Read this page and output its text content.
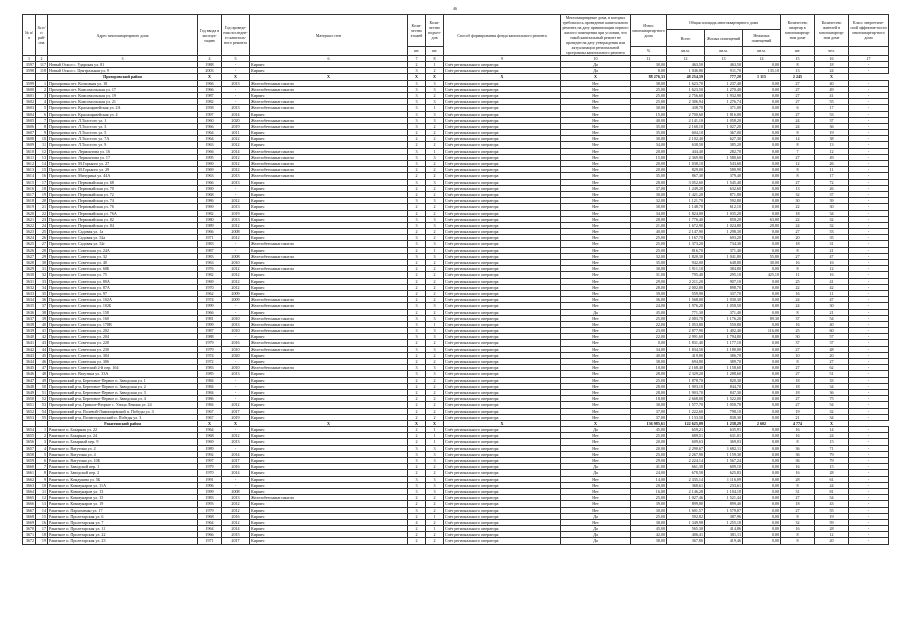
46
№ п/п	№ п/п рай-она	Адрес многоквартирного дома	Год ввода в эксплуа-тацию	Год проведе-ния последне-го капиталь-ного ремонта	Материал стен	Коли-чество этажей	Коли-чество подъез-дов	Способ формирования фонда капитального ремонта	Многоквартирные дома, в которых требовалось проведение капитального ремонта на дату приватизации первого жилого помещения при условии, что такой капитальный ремонт не проведен на дату утверждения или актуализации региональной программы капитального ремонта	Износ многоквартир-ного дома	Общая площадь многоквартирного дома			Количество квартир в многоквартир-ном доме	Количество жителей в многоквартир-ном доме	Класс энергетиче-ской эффектив-ности многоквартир-ного дома
											Всего	Жилых помещений	Нежилых помещений			
						шт.	шт.			%	кв.м.	кв.м.	кв.м.	шт.	чел.	
1	2	3	4	5	6	7	8	9	10	11	12	13	14	15	16	17
3597	117	Новый Оскол с. Ударская ул. 81	1988	-	Кирпич	2	1	Счёт регионального оператора	Да	30,00	463,50	463,50	0,00	8	18	-
3598	118	Новый Оскол с. Центральная ул. 9	2003	-	Кирпич	3	2	Счёт регионального оператора	Да	8,00	1 046,80	911,70	135,10	13	24	-
		Прохоровский район	X	X	X	X	X	X	X	88 276,33	48 254,59	777,20	1 115	2 245	X	
3599	1	Прохоровка пгт. Колхозная ул. 18	1966	2013	Железобетонные панели	3	3	Счёт регионального оператора	Нет	38,00	1 623,70	1 237,40	0,00	27	40	-
3600	2	Прохоровка пгт. Комсомольская ул. 17	1966	-	Железобетонные панели	3	3	Счёт регионального оператора	Нет	25,00	1 623,50	1 270,40	0,00	27	49	-
3601	3	Прохоровка пгт. Комсомольская ул. 19	1987	-	Кирпич	3	2	Счёт регионального оператора	Нет	25,00	2 756,60	1 932,90	0,00	27	41	-
3602	4	Прохоровка пгт. Комсомольская ул. 21	1982	-	Железобетонные панели	3	3	Счёт регионального оператора	Нет	25,00	2 306,94	1 276,74	0,00	27	55	-
3603	5	Прохоровка пгт. Красноармейская ул. 2А	1958	2013	Железобетонные панели	3	1	Счёт регионального оператора	Нет	30,00	438,70	371,00	0,00	6	17	-
3604	6	Прохоровка пгт. Красноармейская ул. 4	1997	2014	Кирпич	3	3	Счёт регионального оператора	Нет	15,00	2 700,60	1 816,00	0,00	27	53	-
3605	7	Прохоровка пгт. Л.Толстого ул. 1	1960	2020	Железобетонные панели	3	3	Счёт регионального оператора	Нет	40,00	2 141,10	1 058,20	0,00	24	37	-
3606	8	Прохоровка пгт. Л.Толстого ул. 3	1966	2019	Железобетонные панели	3	2	Счёт регионального оператора	Нет	35,00	2 160,10	1 027,20	0,00	24	36	-
3607	9	Прохоровка пгт. Л.Толстого ул. 5	1964	2011	Кирпич	2	2	Счёт регионального оператора	Нет	35,00	604,10	367,00	0,00	8	19	-
3608	10	Прохоровка пгт. Л.Толстого ул. 7А	1964	2012	Кирпич	2	2	Счёт регионального оператора	Нет	30,00	2 102,40	627,30	0,00	14	38	-
3609	11	Прохоровка пгт. Л.Толстого ул. 9	1963	2012	Кирпич	2	2	Счёт регионального оператора	Нет	34,00	638,50	385,20	0,00	8	13	-
3610	12	Прохоровка пгт. Лермонтова ул. 16	1966	2014	Железобетонные панели	3	1	Счёт регионального оператора	Нет	20,00	444,40	282,70	0,00	7	12	-
3611	13	Прохоровка пгт. Лермонтова ул. 17	1995	2012	Железобетонные панели	3	3	Счёт регионального оператора	Нет	15,00	2 369,90	1 580,60	0,00	27	49	-
3612	14	Прохоровка пгт. М.Горького ул. 27	1969	2012	Железобетонные панели	3	2	Счёт регионального оператора	Нет	20,00	1 038,10	543,60	0,00	12	26	-
3613	15	Прохоровка пгт. М.Горького ул. 29	1969	2012	Железобетонные панели	2	2	Счёт регионального оператора	Нет	20,00	829,00	580,90	0,00	8	11	-
3614	16	Прохоровка пгт. Мичурина ул. 44А	1963	2013	Железобетонные панели	2	2	Счёт регионального оператора	Нет	35,00	867,30	379,40	0,00	8	17	-
3615	17	Прохоровка пгт. Первомайская ул. 68	1966	2013	Кирпич	3	3	Счёт регионального оператора	Нет	28,00	3 052,60	1 545,40	0,00	27	72	-
3616	18	Прохоровка пгт. Первомайская ул. 70	1969	-	Кирпич	2	2	Счёт регионального оператора	Нет	37,00	1 249,20	632,60	0,00	13	26	-
3617	19	Прохоровка пгт. Первомайская ул. 72	1968	-	Кирпич	2	2	Счёт регионального оператора	Нет	30,00	1 421,20	871,80	0,00	32	37	-
3618	20	Прохоровка пгт. Первомайская ул. 74	1986	2012	Кирпич	3	3	Счёт регионального оператора	Нет	32,00	1 121,70	592,80	0,00	30	39	-
3619	21	Прохоровка пгт. Первомайская ул. 76	1969	2013	Кирпич	2	2	Счёт регионального оператора	Нет	30,00	1 148,70	612,10	0,00	22	30	-
3620	22	Прохоровка пгт. Первомайская ул. 76А	1982	2019	Кирпич	2	2	Счёт регионального оператора	Нет	34,00	1 824,00	1 035,20	0,00	18	34	-
3621	23	Прохоровка пгт. Первомайская ул. 82	1980	2013	Кирпич	3	3	Счёт регионального оператора	Нет	28,00	1 776,40	858,20	63,80	22	32	-
3622	24	Прохоровка пгт. Первомайская ул. 84	1989	2012	Кирпич	3	3	Счёт регионального оператора	Нет	21,00	1 672,90	1 024,80	28,80	24	32	-
3623	25	Прохоровка пгт. Садовая ул. 1а	1966	2008	Кирпич	2	2	Счёт регионального оператора	Нет	40,00	2 147,90	1 298,30	0,00	27	53	-
3624	26	Прохоровка пгт. Садовая ул. 52а	1971	2012	Кирпич	3	2	Счёт регионального оператора	Нет	25,00	1 167,70	693,20	0,00	20	35	-
3625	27	Прохоровка пгт. Садовая ул. 52г	1983	-	Железобетонные панели	3	3	Счёт регионального оператора	Нет	25,00	1 373,20	734,30	0,00	18	31	-
3626	28	Прохоровка пгт. Советская ул. 24А	1987	-	Кирпич	2	1	Счёт регионального оператора	Нет	25,00	816,70	371,40	0,00	8	21	-
3627	29	Прохоровка пгт. Советская ул. 32	1983	2008	Железобетонные панели	3	3	Счёт регионального оператора	Нет	32,00	1 820,30	1 041,80	55,80	27	47	-
3628	30	Прохоровка пгт. Советская ул. 40	1963	2010	Кирпич	2	2	Счёт регионального оператора	Нет	35,00	942,00	648,80	30,00	16	16	-
3629	31	Прохоровка пгт. Советская ул. 60Б	1976	2012	Железобетонные панели	2	2	Счёт регионального оператора	Нет	30,00	1 911,10	384,80	0,00	8	12	-
3630	32	Прохоровка пгт. Советская ул. 75	1982	2012	Кирпич	2	2	Счёт регионального оператора	Нет	31,00	795,40	295,10	425,10	11	16	-
3631	33	Прохоровка пгт. Советская ул. 80А	1969	2012	Кирпич	2	2	Счёт регионального оператора	Нет	29,00	2 211,20	907,10	0,00	25	41	-
3632	34	Прохоровка пгт. Советская ул. 87А	1970	2012	Кирпич	2	2	Счёт регионального оператора	Нет	28,00	2 002,80	898,70	0,00	22	42	-
3633	35	Прохоровка пгт. Советская ул. 97	1962	2009	Кирпич	2	2	Счёт регионального оператора	Нет	39,00	559,90	337,70	0,00	16	11	-
3634	36	Прохоровка пгт. Советская ул. 102А	1974	2009	Железобетонные панели	2	2	Счёт регионального оператора	Нет	36,00	1 568,00	1 030,30	0,00	24	47	-
3635	37	Прохоровка пгт. Советская ул. 102Б	1999	-	Железобетонные панели	3	3	Счёт регионального оператора	Нет	24,00	1 976,20	1 058,50	0,00	24	30	-
3636	38	Прохоровка пгт. Советская ул. 158	1966	-	Кирпич	2	2	Счёт регионального оператора	Да	45,00	771,30	371,40	0,00	8	21	-
3637	39	Прохоровка пгт. Советская ул. 160	1981	2010	Железобетонные панели	3	3	Счёт регионального оператора	Нет	25,00	2 083,70	1 176,20	89,30	37	54	-
3638	40	Прохоровка пгт. Советская ул. 178В	1999	2013	Железобетонные панели	3	1	Счёт регионального оператора	Нет	22,00	1 053,80	550,80	0,00	16	40	-
3639	41	Прохоровка пгт. Советская ул. 202	1987	2010	Железобетонные панели	3	3	Счёт регионального оператора	Нет	23,00	2 877,90	1 402,40	116,00	25	60	-
3640	42	Прохоровка пгт. Советская ул. 204	1988	-	Кирпич	3	3	Счёт регионального оператора	Нет	22,00	2 991,60	1 794,80	0,00	30	57	-
3641	43	Прохоровка пгт. Советская ул. 228	1979	2016	Железобетонные панели	2	2	Счёт регионального оператора	Нет	0,00	1 831,40	1 177,10	0,00	37	37	-
3642	44	Прохоровка пгт. Советская ул. 230	1979	2010	Железобетонные панели	3	3	Счёт регионального оператора	Нет	34,00	1 834,50	1 180,00	0,00	27	48	-
3643	45	Прохоровка пгт. Советская ул. 304	1974	2020	Кирпич	2	2	Счёт регионального оператора	Нет	40,00	419,80	386,70	0,00	10	20	-
3644	46	Прохоровка пгт. Советская ул. 306	1972	-	Кирпич	2	2	Счёт регионального оператора	Нет	38,00	694,80	389,70	0,00	8	27	-
3645	47	Прохоровка пгт. Советский 2-й пер. 164	1983	2010	Железобетонные панели	3	3	Счёт регионального оператора	Нет	18,00	2 168,40	1 158,60	0,00	27	62	-
3646	48	Прохоровка пгт. Ватутина ул. 33А	1985	2013	Кирпич	3	3	Счёт регионального оператора	Нет	28,00	2 329,20	1 288,60	0,00	27	51	-
3647	49	Прохоровский р-н, Береговое-Первое п. Заводская ул. 1	1984	-	Кирпич	2	2	Счёт регионального оператора	Нет	25,00	1 878,70	820,30	0,00	18	33	-
3648	50	Прохоровский р-н, Береговое-Первое п. Заводская ул. 2	1984	-	Кирпич	2	2	Счёт регионального оператора	Нет	28,00	1 903,10	844,70	0,00	18	34	-
3649	51	Прохоровский р-н, Береговое-Первое п. Заводская ул. 3	1984	-	Кирпич	2	2	Счёт регионального оператора	Нет	28,00	1 903,70	847,30	0,00	18	36	-
3650	52	Прохоровский р-н, Береговое-Первое п. Заводская ул. 4	1986	-	Кирпич	2	2	Счёт регионального оператора	Нет	18,00	2 668,00	1 522,00	0,00	27	75	-
3651	53	Прохоровский р-н, Грязное-Вторые с. Улица Ленина ул. 24	1984	2012	Кирпич	2	2	Счёт регионального оператора	Нет	30,00	1 577,70	1 050,70	0,00	27	54	-
3652	54	Прохоровский р-н, Полевой-Лампищевский п. Победы ул. 3	1967	2017	Кирпич	2	2	Счёт регионального оператора	Нет	37,00	1 222,60	798,10	0,00	19	32	-
3653	55	Прохоровский р-н, Политотдельский п. Победы ул. 3	1967	2019	Кирпич	2	2	Счёт регионального оператора	Нет	37,00	1 133,50	838,30	0,00	21	34	-
		Ракитянский район	X	X	X	X	X	X	X	136 985,61	122 625,09	1 238,29	2 602	4 774	X	
3654	1	Ракитное п. Базарная ул. 22	1964	-	Кирпич	2	1	Счёт регионального оператора	Да	45,00	659,21	635,91	0,00	16	14	-
3655	2	Ракитное п. Базарная ул. 24	1968	2012	Кирпич	2	1	Счёт регионального оператора	Нет	25,00	689,51	631,01	0,00	16	24	-
3656	3	Ракитное п. Базарный пер. 9	1969	2013	Кирпич	2	1	Счёт регионального оператора	Нет	20,00	609,63	369,03	0,00	8	15	-
3657	4	Ракитное п. Ватутина ул. 2	1989	-	Кирпич	3	3	Счёт регионального оператора	Нет	20,00	2 290,67	1 682,11	0,00	36	71	-
3658	5	Ракитное п. Ватутина ул. 4	1992	2014	Кирпич	3	3	Счёт регионального оператора	Нет	25,00	2 267,90	1 159,30	0,00	36	79	-
3659	6	Ракитное п. Ватутина ул. 10Б	1997	2017	Кирпич	3	3	Счёт регионального оператора	Нет	29,00	2 224,14	1 567,24	0,00	36	79	-
3660	7	Ракитное п. Заводской пер. 1	1979	2016	Кирпич	2	2	Счёт регионального оператора	Да	41,00	661,30	609,10	0,00	16	15	-
3661	8	Ракитное п. Заводской пер. 2	1970	2014	Кирпич	2	2	Счёт регионального оператора	Да	24,00	678,58	625,83	0,00	16	28	-
3662	9	Ракитное п. Кондукова ул. 5Б	1991	-	Кирпич	3	3	Счёт регионального оператора	Нет	14,00	2 335,14	1 116,09	0,00	28	61	-
3663	10	Ракитное п. Коммунаров ул. 11А	1996	-	Кирпич	3	3	Счёт регионального оператора	Нет	20,00	368,61	233,61	0,00	8	24	-
3664	11	Ракитное п. Коммунаров ул. 13	1999	2008	Кирпич	3	3	Счёт регионального оператора	Нет	16,00	2 146,28	1 104,18	0,00	31	81	-
3665	12	Ракитное п. Коммунаров ул. 15	1983	2013	Железобетонные панели	2	2	Счёт регионального оператора	Нет	25,00	1 027,46	1 521,44	0,00	27	54	-
3666	13	Ракитное п. Коммунаров ул. 19	1993	2012	Кирпич	2	2	Счёт регионального оператора	Нет	39,00	899,80	899,40	0,00	18	43	-
3667	14	Ракитное п. Пархоменко ул. 17	1979	2012	Кирпич	3	2	Счёт регионального оператора	Нет	30,00	1 601,57	1 579,87	0,00	27	55	-
3668	15	Ракитное п. Пролетарская ул. 6	1968	2016	Кирпич	2	1	Счёт регионального оператора	Да	25,00	592,82	387,96	0,00	8	19	-
3669	16	Ракитное п. Пролетарская ул. 7	1964	2012	Кирпич	4	2	Счёт регионального оператора	Нет	38,00	1 349,98	1 255,18	0,00	32	59	-
3670	17	Ракитное п. Пролетарская ул. 11	1964	2014	Кирпич	2	1	Счёт регионального оператора	Да	45,00	565,30	414,86	0,00	16	28	-
3671	18	Ракитное п. Пролетарская ул. 22	1966	2015	Кирпич	2	2	Счёт регионального оператора	Да	42,00	406,41	381,11	0,00	8	12	-
3672	19	Ракитное п. Пролетарская ул. 23	1971	2017	Кирпич	2	2	Счёт регионального оператора	Да	38,00	367,86	419,46	0,00	8	20	-
